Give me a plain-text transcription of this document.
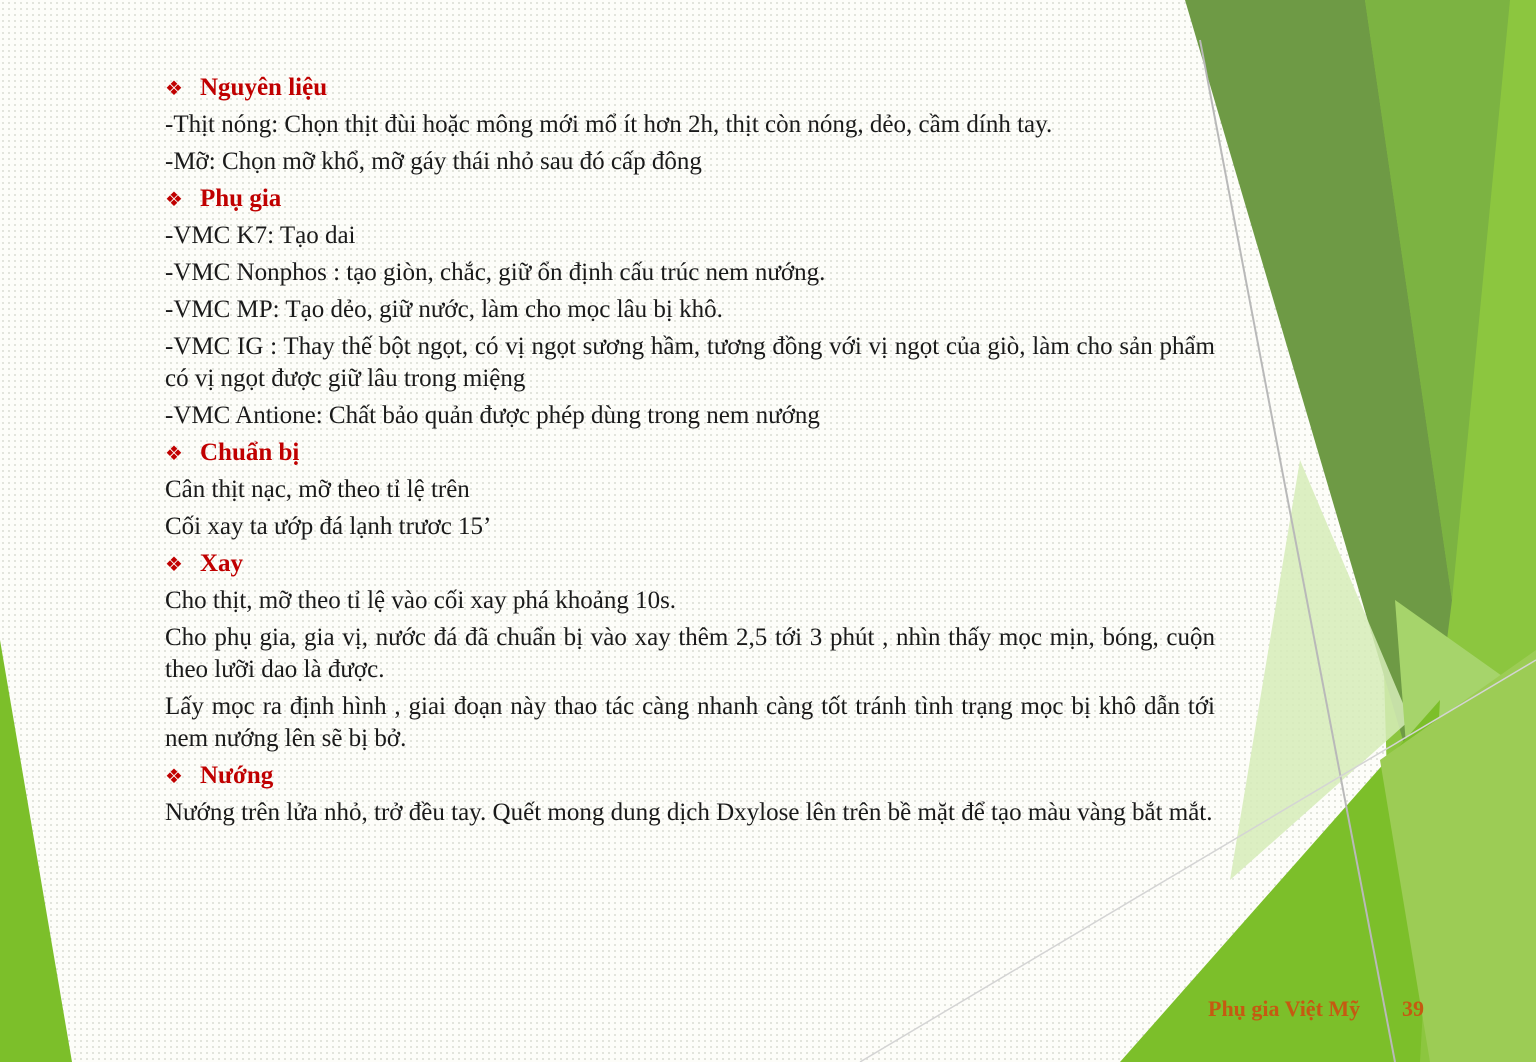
❖ Nguyên liệu
-Thịt nóng: Chọn thịt đùi hoặc mông mới mổ ít hơn 2h, thịt còn nóng, dẻo, cầm dính tay.
-Mỡ: Chọn mỡ khổ, mỡ gáy thái nhỏ sau đó cấp đông
❖ Phụ gia
-VMC K7: Tạo dai
-VMC Nonphos : tạo giòn, chắc, giữ ổn định cấu trúc nem nướng.
-VMC MP: Tạo dẻo, giữ nước, làm cho mọc lâu bị khô.
-VMC IG : Thay thế bột ngọt, có vị ngọt sương hầm, tương đồng với vị ngọt của giò, làm cho sản phẩm có vị ngọt được giữ lâu trong miệng
-VMC Antione: Chất bảo quản được phép dùng trong nem nướng
❖ Chuẩn bị
Cân thịt nạc, mỡ theo tỉ lệ trên
Cối xay ta ướp đá lạnh trươc 15’
❖ Xay
Cho thịt, mỡ theo tỉ lệ vào cối xay phá khoảng 10s.
Cho phụ gia, gia vị, nước đá đã chuẩn bị vào xay thêm 2,5 tới 3 phút , nhìn thấy mọc mịn, bóng, cuộn theo lưỡi dao là được.
Lấy mọc ra định hình , giai đoạn này thao tác càng nhanh càng tốt tránh tình trạng mọc bị khô dẫn tới nem nướng lên sẽ bị bở.
❖ Nướng
Nướng trên lửa nhỏ, trở đều tay. Quết mong dung dịch Dxylose lên trên bề mặt để tạo màu vàng bắt mắt.
Phụ gia Việt Mỹ 39
